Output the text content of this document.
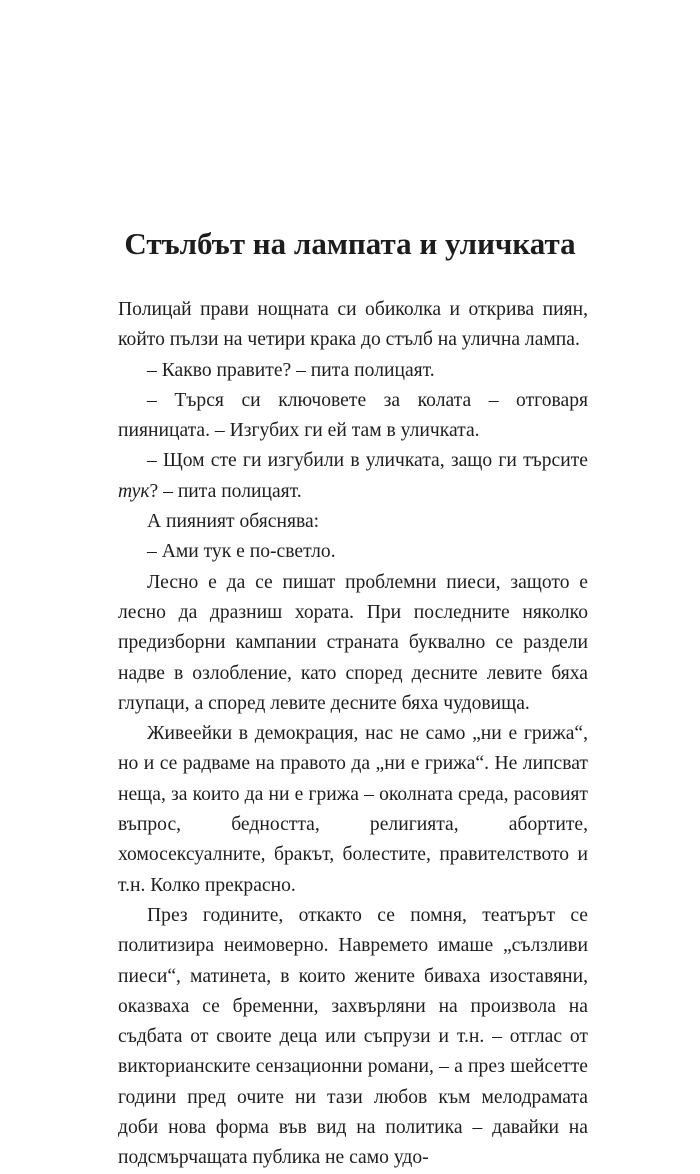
Стълбът на лампата и уличката

Полицай прави нощната си обиколка и открива пиян, който пълзи на четири крака до стълб на улична лампа.

– Какво правите? – пита полицаят.

– Търся си ключовете за колата – отговаря пияницата. – Изгубих ги ей там в уличката.

– Щом сте ги изгубили в уличката, защо ги търсите тук? – пита полицаят.

А пияният обяснява:

– Ами тук е по-светло.

Лесно е да се пишат проблемни пиеси, защото е лесно да дразниш хората. При последните няколко предизборни кампании страната буквално се раздели надве в озлобление, като според десните левите бяха глупаци, а според левите десните бяха чудовища.

Живеейки в демокрация, нас не само „ни е грижа“, но и се радваме на правото да „ни е грижа“. Не липсват неща, за които да ни е грижа – околната среда, расовият въпрос, бедността, религията, абортите, хомосексуалните, бракът, болестите, правителството и т.н. Колко прекрасно.

През годините, откакто се помня, театърът се политизира неимоверно. Навремето имаше „сълзливи пиеси“, матинета, в които жените биваха изоставяни, оказваха се бременни, захвърляни на произвола на съдбата от своите деца или съпрузи и т.н. – отглас от викторианските сензационни романи, – а през шейсетте години пред очите ни тази любов към мелодрамата доби нова форма във вид на политика – давайки на подсмърчащата публика не само удо-
